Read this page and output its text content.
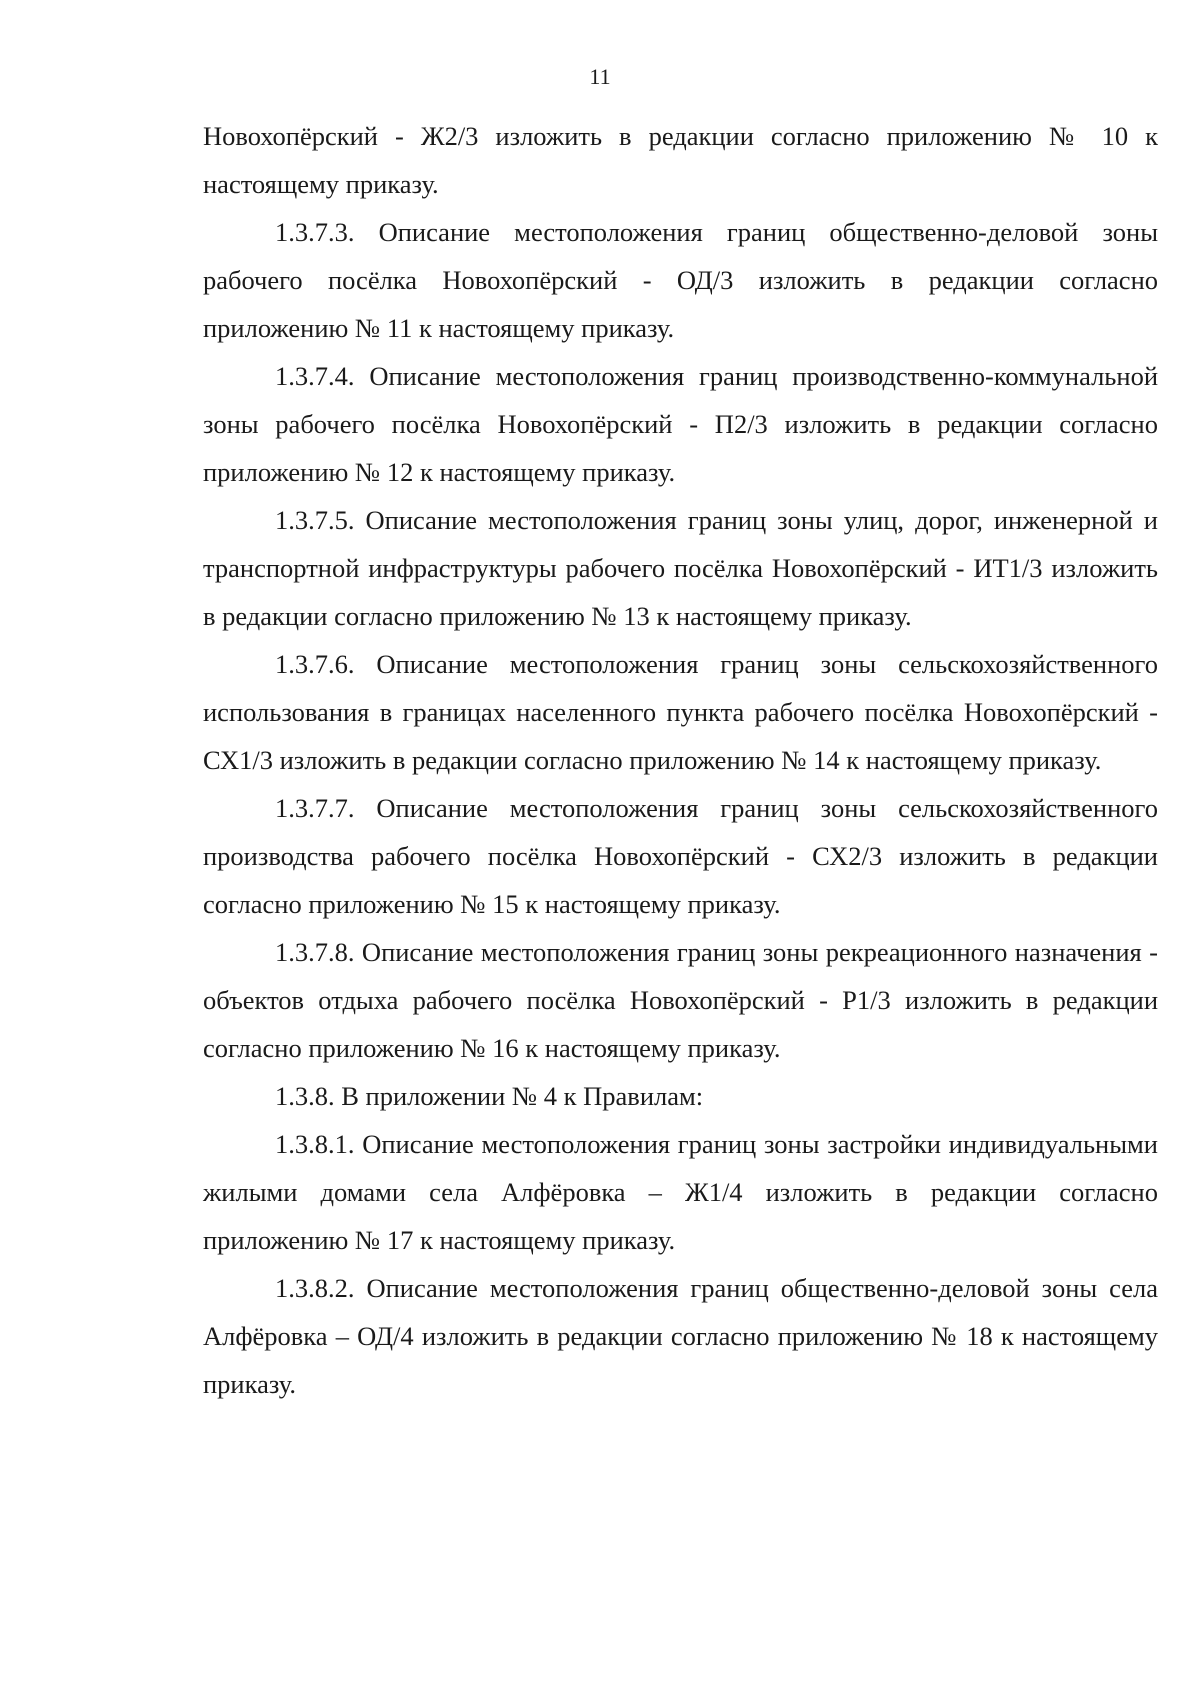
11

Новохопёрский - Ж2/3 изложить в редакции согласно приложению № 10 к настоящему приказу.

1.3.7.3. Описание местоположения границ общественно-деловой зоны рабочего посёлка Новохопёрский - ОД/3 изложить в редакции согласно приложению № 11 к настоящему приказу.

1.3.7.4. Описание местоположения границ производственно-коммунальной зоны рабочего посёлка Новохопёрский - П2/3 изложить в редакции согласно приложению № 12 к настоящему приказу.

1.3.7.5. Описание местоположения границ зоны улиц, дорог, инженерной и транспортной инфраструктуры рабочего посёлка Новохопёрский - ИТ1/3 изложить в редакции согласно приложению № 13 к настоящему приказу.

1.3.7.6. Описание местоположения границ зоны сельскохозяйственного использования в границах населенного пункта рабочего посёлка Новохопёрский - СХ1/3 изложить в редакции согласно приложению № 14 к настоящему приказу.

1.3.7.7. Описание местоположения границ зоны сельскохозяйственного производства рабочего посёлка Новохопёрский - СХ2/3 изложить в редакции согласно приложению № 15 к настоящему приказу.

1.3.7.8. Описание местоположения границ зоны рекреационного назначения - объектов отдыха рабочего посёлка Новохопёрский - Р1/3 изложить в редакции согласно приложению № 16 к настоящему приказу.

1.3.8. В приложении № 4 к Правилам:

1.3.8.1. Описание местоположения границ зоны застройки индивидуальными жилыми домами села Алфёровка – Ж1/4 изложить в редакции согласно приложению № 17 к настоящему приказу.

1.3.8.2. Описание местоположения границ общественно-деловой зоны села Алфёровка – ОД/4 изложить в редакции согласно приложению № 18 к настоящему приказу.
